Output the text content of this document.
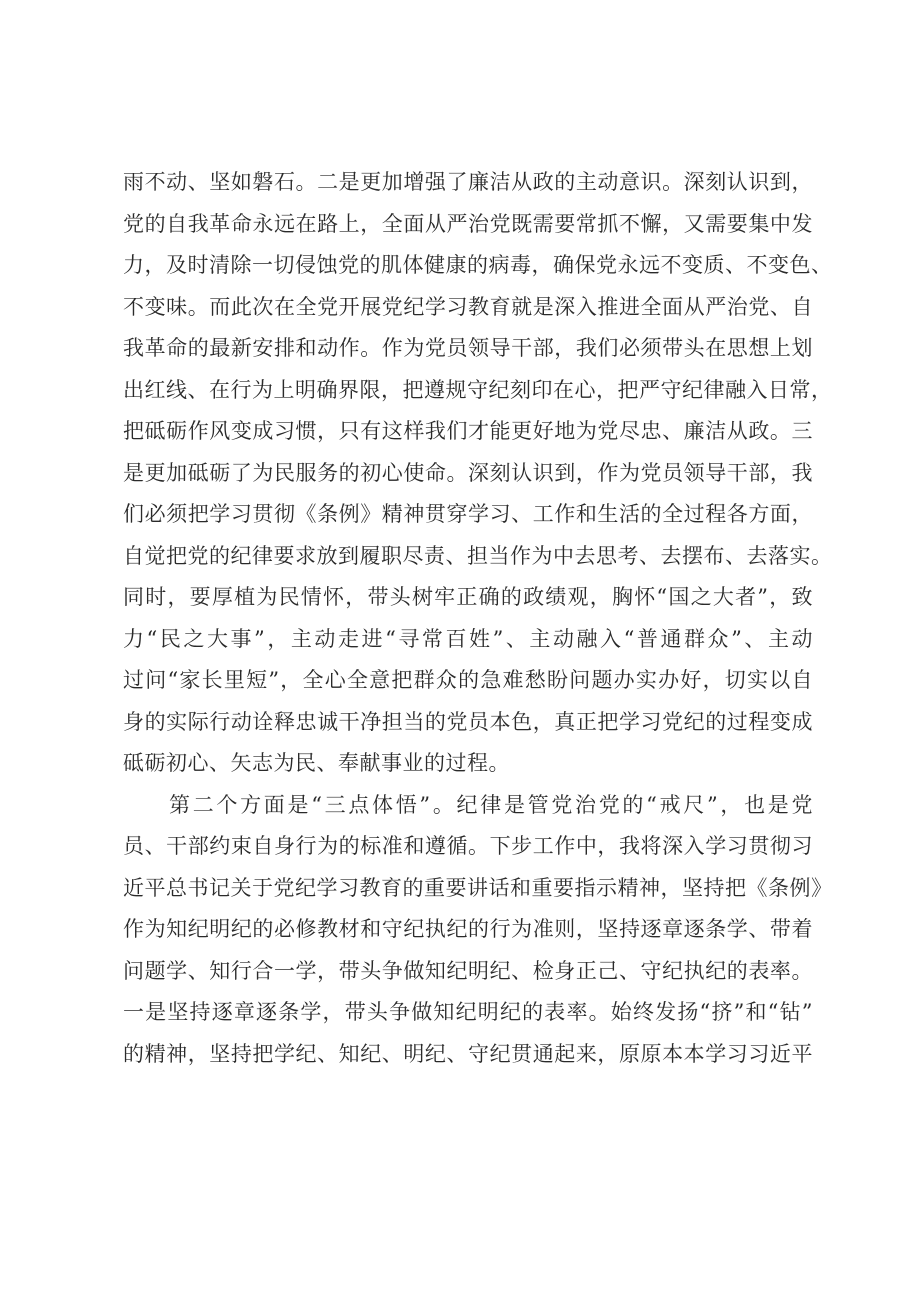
雨不动、坚如磐石。二是更加增强了廉洁从政的主动意识。深刻认识到，
党的自我革命永远在路上，全面从严治党既需要常抓不懈，又需要集中发
力，及时清除一切侵蚀党的肌体健康的病毒，确保党永远不变质、不变色、
不变味。而此次在全党开展党纪学习教育就是深入推进全面从严治党、自
我革命的最新安排和动作。作为党员领导干部，我们必须带头在思想上划
出红线、在行为上明确界限，把遵规守纪刻印在心，把严守纪律融入日常，
把砥砺作风变成习惯，只有这样我们才能更好地为党尽忠、廉洁从政。三
是更加砥砺了为民服务的初心使命。深刻认识到，作为党员领导干部，我
们必须把学习贯彻《条例》精神贯穿学习、工作和生活的全过程各方面，
自觉把党的纪律要求放到履职尽责、担当作为中去思考、去摆布、去落实。
同时，要厚植为民情怀，带头树牢正确的政绩观，胸怀“国之大者”，致
力“民之大事”，主动走进“寻常百姓”、主动融入“普通群众”、主动
过问“家长里短”，全心全意把群众的急难愁盼问题办实办好，切实以自
身的实际行动诠释忠诚干净担当的党员本色，真正把学习党纪的过程变成
砥砺初心、矢志为民、奉献事业的过程。
第二个方面是“三点体悟”。纪律是管党治党的“戒尺”，也是党
员、干部约束自身行为的标准和遵循。下步工作中，我将深入学习贯彻习
近平总书记关于党纪学习教育的重要讲话和重要指示精神，坚持把《条例》
作为知纪明纪的必修教材和守纪执纪的行为准则，坚持逐章逐条学、带着
问题学、知行合一学，带头争做知纪明纪、检身正己、守纪执纪的表率。
一是坚持逐章逐条学，带头争做知纪明纪的表率。始终发扬“挤”和“钻”
的精神，坚持把学纪、知纪、明纪、守纪贯通起来，原原本本学习习近平
